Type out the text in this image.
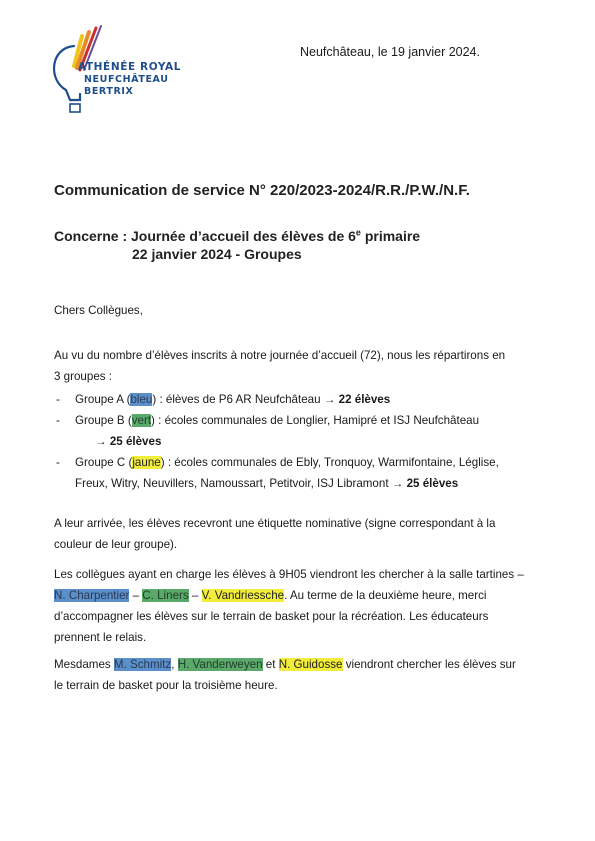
ATHÉNÉE ROYAL
NEUFCHÂTEAU
BERTRIX
Neufchâteau, le 19 janvier 2024.
Communication de service N° 220/2023-2024/R.R./P.W./N.F.
Concerne : Journée d’accueil des élèves de 6e primaire
22 janvier 2024 - Groupes
Chers Collègues,
Au vu du nombre d’élèves inscrits à notre journée d’accueil (72), nous les répartirons en
3 groupes :
- Groupe A (bleu) : élèves de P6 AR Neufchâteau → 22 élèves
- Groupe B (vert) : écoles communales de Longlier, Hamipré et ISJ Neufchâteau
→ 25 élèves
- Groupe C (jaune) : écoles communales de Ebly, Tronquoy, Warmifontaine, Léglise,
Freux, Witry, Neuvillers, Namoussart, Petitvoir, ISJ Libramont → 25 élèves
A leur arrivée, les élèves recevront une étiquette nominative (signe correspondant à la
couleur de leur groupe).
Les collègues ayant en charge les élèves à 9H05 viendront les chercher à la salle tartines –
N. Charpentier – C. Liners – V. Vandriessche. Au terme de la deuxième heure, merci
d’accompagner les élèves sur le terrain de basket pour la récréation. Les éducateurs
prennent le relais.
Mesdames M. Schmitz, H. Vanderweyen et N. Guidosse viendront chercher les élèves sur
le terrain de basket pour la troisième heure.
